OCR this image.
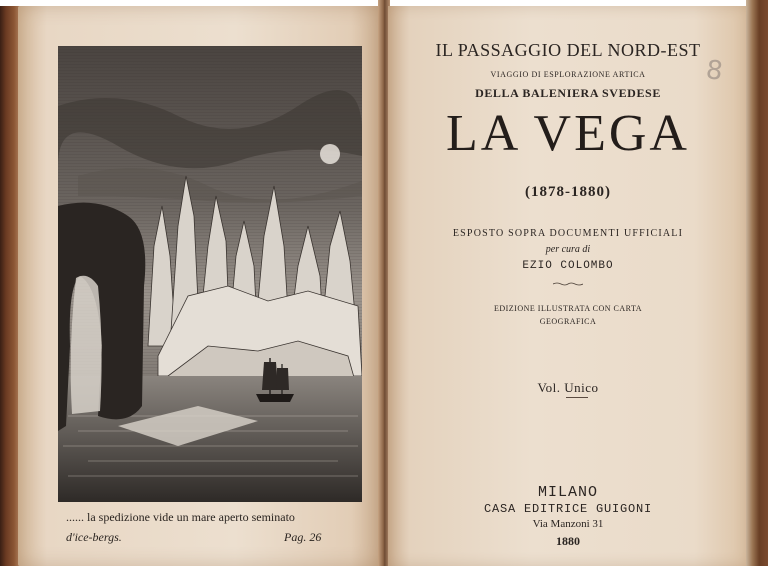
...... la spedizione vide un mare aperto seminato
d'ice-bergs.	Pag. 26
IL PASSAGGIO DEL NORD-EST
VIAGGIO DI ESPLORAZIONE ARTICA
DELLA BALENIERA SVEDESE
LA VEGA
(1878-1880)
ESPOSTO SOPRA DOCUMENTI UFFICIALI
per cura di
EZIO COLOMBO
EDIZIONE ILLUSTRATA CON CARTA
GEOGRAFICA
Vol. Unico
MILANO
CASA EDITRICE GUIGONI
Via Manzoni 31
1880
8
